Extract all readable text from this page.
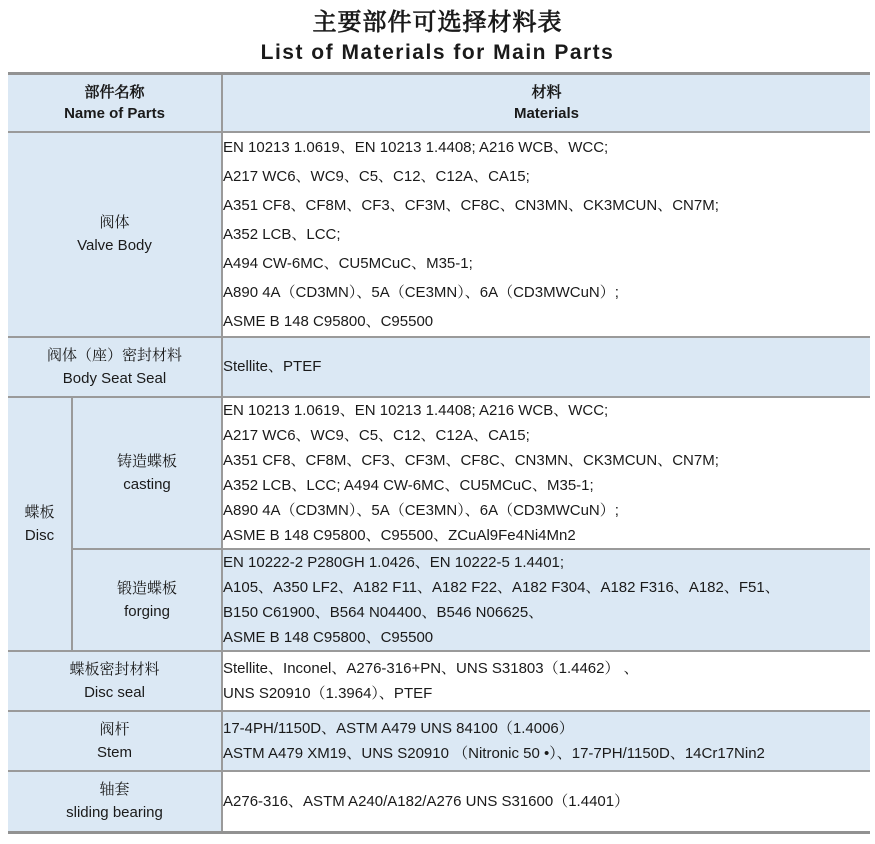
主要部件可选择材料表
List of Materials for Main Parts
部件名称
Name of Parts

材料
Materials

阀体
Valve Body

EN 10213 1.0619、EN 10213 1.4408; A216 WCB、WCC;
A217 WC6、WC9、C5、C12、C12A、CA15;
A351 CF8、CF8M、CF3、CF3M、CF8C、CN3MN、CK3MCUN、CN7M;
A352 LCB、LCC;
A494 CW-6MC、CU5MCuC、M35-1;
A890 4A（CD3MN）、5A（CE3MN）、6A（CD3MWCuN）;
ASME B 148 C95800、C95500

阀体（座）密封材料
Body Seat Seal		Stellite、PTEF

蝶板
Disc

铸造蝶板
casting

EN 10213 1.0619、EN 10213 1.4408; A216 WCB、WCC;
A217 WC6、WC9、C5、C12、C12A、CA15;
A351 CF8、CF8M、CF3、CF3M、CF8C、CN3MN、CK3MCUN、CN7M;
A352 LCB、LCC; A494 CW-6MC、CU5MCuC、M35-1;
A890 4A（CD3MN）、5A（CE3MN）、6A（CD3MWCuN）;
ASME B 148 C95800、C95500、ZCuAl9Fe4Ni4Mn2

锻造蝶板
forging

EN 10222-2 P280GH 1.0426、EN 10222-5 1.4401;
A105、A350 LF2、A182 F11、A182 F22、A182 F304、A182 F316、A182、F51、
B150 C61900、B564 N04400、B546 N06625、
ASME B 148 C95800、C95500

蝶板密封材料
Disc seal

Stellite、Inconel、A276-316+PN、UNS S31803（1.4462） 、
UNS S20910（1.3964）、PTEF

阀杆
Stem

17-4PH/1150D、ASTM A479 UNS 84100（1.4006）
ASTM A479 XM19、UNS S20910 （Nitronic 50 •）、17-7PH/1150D、14Cr17Nin2

轴套
sliding bearing		A276-316、ASTM A240/A182/A276 UNS S31600（1.4401）
